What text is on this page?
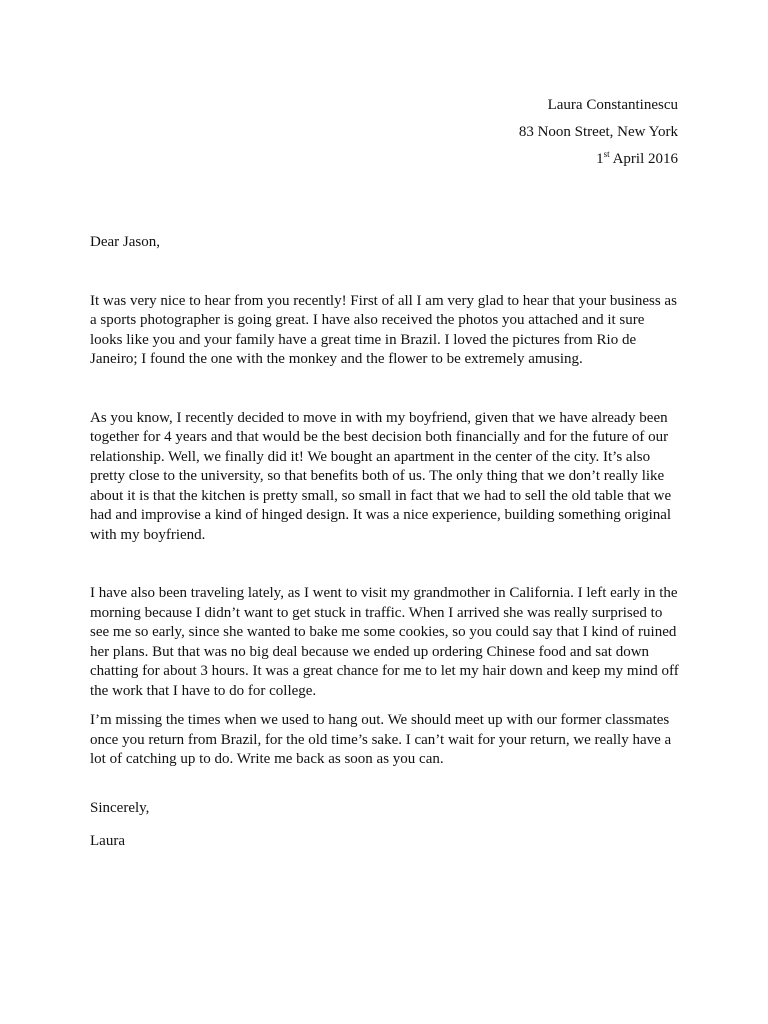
Laura Constantinescu
83 Noon Street, New York
1st April 2016

Dear Jason,

It was very nice to hear from you recently! First of all I am very glad to hear that your business as a sports photographer is going great. I have also received the photos you attached and it sure looks like you and your family have a great time in Brazil. I loved the pictures from Rio de Janeiro; I found the one with the monkey and the flower to be extremely amusing.

As you know, I recently decided to move in with my boyfriend, given that we have already been together for 4 years and that would be the best decision both financially and for the future of our relationship. Well, we finally did it! We bought an apartment in the center of the city. It’s also pretty close to the university, so that benefits both of us. The only thing that we don’t really like about it is that the kitchen is pretty small, so small in fact that we had to sell the old table that we had and improvise a kind of hinged design. It was a nice experience, building something original with my boyfriend.

I have also been traveling lately, as I went to visit my grandmother in California. I left early in the morning because I didn’t want to get stuck in traffic. When I arrived she was really surprised to see me so early, since she wanted to bake me some cookies, so you could say that I kind of ruined her plans. But that was no big deal because we ended up ordering Chinese food and sat down chatting for about 3 hours. It was a great chance for me to let my hair down and keep my mind off the work that I have to do for college.

I’m missing the times when we used to hang out. We should meet up with our former classmates once you return from Brazil, for the old time’s sake. I can’t wait for your return, we really have a lot of catching up to do. Write me back as soon as you can.

Sincerely,

Laura
